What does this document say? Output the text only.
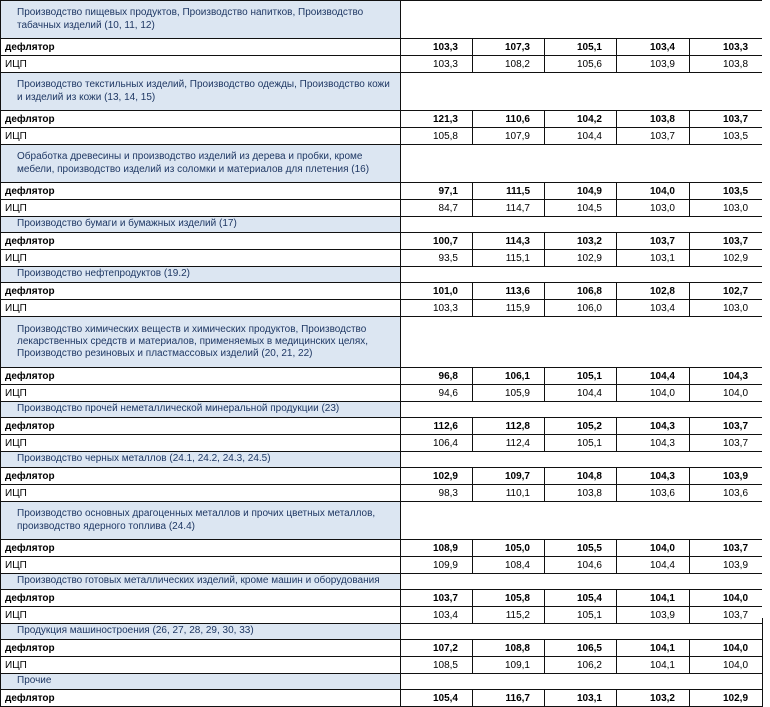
Производство пищевых продуктов, Производство напитков, Производство табачных изделий (10, 11, 12)					
дефлятор	103,3	107,3	105,1	103,4	103,3
ИЦП	103,3	108,2	105,6	103,9	103,8
Производство текстильных изделий, Производство одежды, Производство кожи и изделий из кожи (13, 14, 15)					
дефлятор	121,3	110,6	104,2	103,8	103,7
ИЦП	105,8	107,9	104,4	103,7	103,5
Обработка древесины и производство изделий из дерева и пробки, кроме мебели, производство изделий из соломки и материалов для плетения (16)					
дефлятор	97,1	111,5	104,9	104,0	103,5
ИЦП	84,7	114,7	104,5	103,0	103,0
Производство бумаги и бумажных изделий (17)					
дефлятор	100,7	114,3	103,2	103,7	103,7
ИЦП	93,5	115,1	102,9	103,1	102,9
Производство нефтепродуктов (19.2)					
дефлятор	101,0	113,6	106,8	102,8	102,7
ИЦП	103,3	115,9	106,0	103,4	103,0
Производство химических веществ и химических продуктов, Производство лекарственных средств и материалов, применяемых в медицинских целях, Производство резиновых и пластмассовых изделий (20, 21, 22)					
дефлятор	96,8	106,1	105,1	104,4	104,3
ИЦП	94,6	105,9	104,4	104,0	104,0
Производство прочей неметаллической минеральной продукции (23)					
дефлятор	112,6	112,8	105,2	104,3	103,7
ИЦП	106,4	112,4	105,1	104,3	103,7
Производство черных металлов (24.1, 24.2, 24.3, 24.5)					
дефлятор	102,9	109,7	104,8	104,3	103,9
ИЦП	98,3	110,1	103,8	103,6	103,6
Производство основных драгоценных металлов и прочих цветных металлов, производство ядерного топлива (24.4)					
дефлятор	108,9	105,0	105,5	104,0	103,7
ИЦП	109,9	108,4	104,6	104,4	103,9
Производство готовых металлических изделий, кроме машин и оборудования					
дефлятор	103,7	105,8	105,4	104,1	104,0
ИЦП	103,4	115,2	105,1	103,9	103,7
Продукция машиностроения (26, 27, 28, 29, 30, 33)					
дефлятор	107,2	108,8	106,5	104,1	104,0
ИЦП	108,5	109,1	106,2	104,1	104,0
Прочие					
дефлятор	105,4	116,7	103,1	103,2	102,9
